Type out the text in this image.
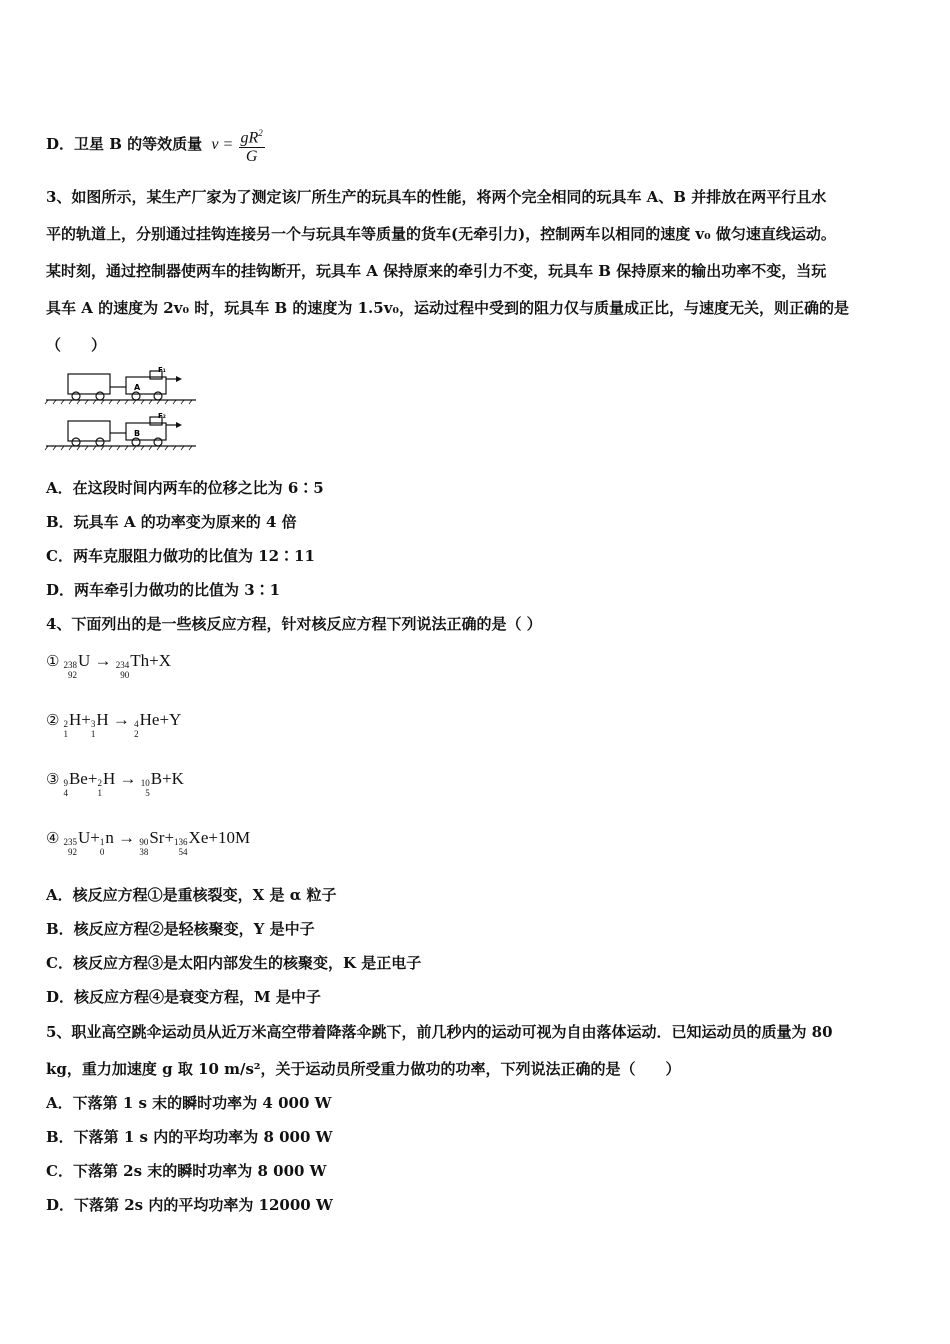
D．卫星 B 的等效质量 $v = \frac{gR^2}{G}$
3、如图所示，某生产厂家为了测定该厂所生产的玩具车的性能，将两个完全相同的玩具车 A、B 并排放在两平行且水
平的轨道上，分别通过挂钩连接另一个与玩具车等质量的货车(无牵引力)，控制两车以相同的速度 v₀ 做匀速直线运动。
某时刻，通过控制器使两车的挂钩断开，玩具车 A 保持原来的牵引力不变，玩具车 B 保持原来的输出功率不变，当玩
具车 A 的速度为 2v₀ 时，玩具车 B 的速度为 1.5v₀，运动过程中受到的阻力仅与质量成正比，与速度无关，则正确的是
（　　）
F₁
F₂
A
B
A．在这段时间内两车的位移之比为 6∶5
B．玩具车 A 的功率变为原来的 4 倍
C．两车克服阻力做功的比值为 12∶11
D．两车牵引力做功的比值为 3∶1
4、下面列出的是一些核反应方程，针对核反应方程下列说法正确的是（ ）
① 238
92
U → 234
90
Th+X
② 2
1
H+ 3
1
H → 4
2
He+Y
③ 9
4
Be+ 2
1
H → 10
5
B+K
④ 235
92
U+ 1
0
n → 90
38
Sr+ 136
54
Xe+10M
A．核反应方程①是重核裂变，X 是 α 粒子
B．核反应方程②是轻核聚变，Y 是中子
C．核反应方程③是太阳内部发生的核聚变，K 是正电子
D．核反应方程④是衰变方程，M 是中子
5、职业高空跳伞运动员从近万米高空带着降落伞跳下，前几秒内的运动可视为自由落体运动．已知运动员的质量为 80
kg，重力加速度 g 取 10 m/s²，关于运动员所受重力做功的功率，下列说法正确的是（　　）
A．下落第 1 s 末的瞬时功率为 4 000 W
B．下落第 1 s 内的平均功率为 8 000 W
C．下落第 2s 末的瞬时功率为 8 000 W
D．下落第 2s 内的平均功率为 12000 W
